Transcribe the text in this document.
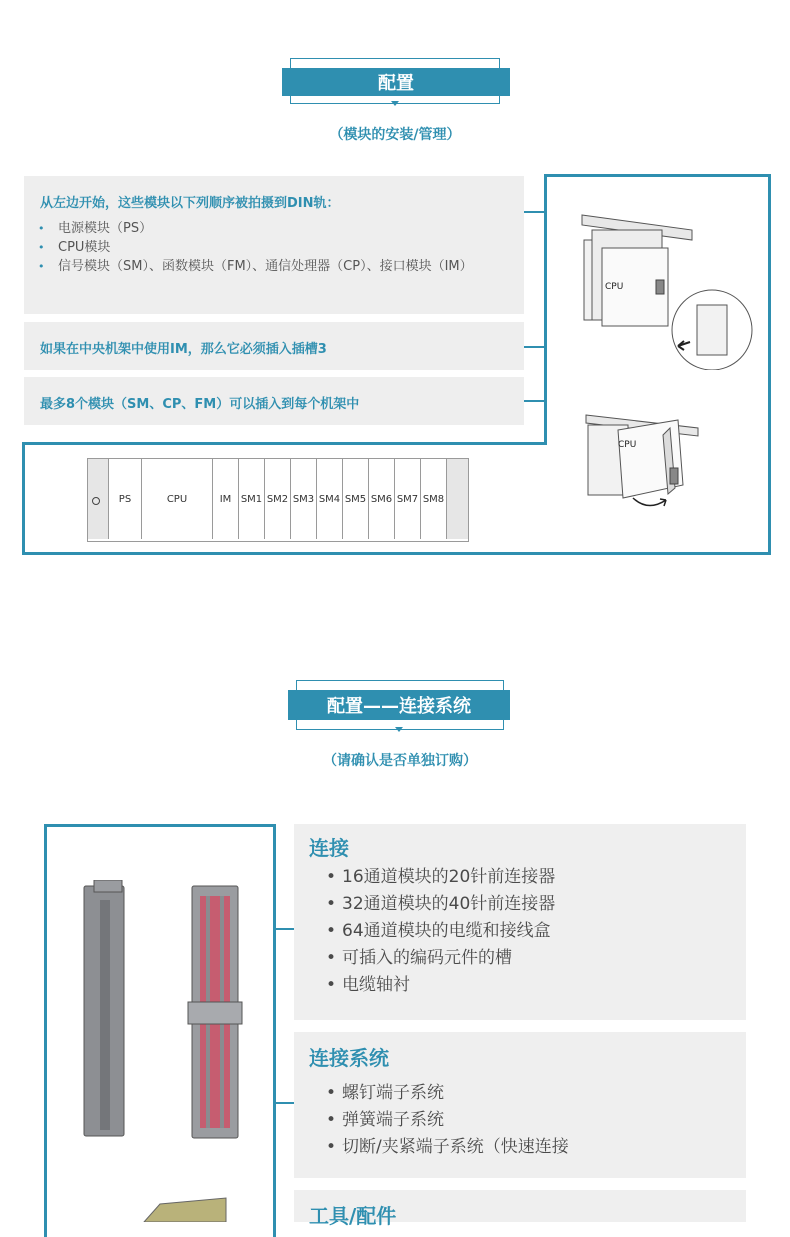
配置
（模块的安装/管理）
从左边开始，这些模块以下列顺序被拍摄到DIN轨：
• 电源模块（PS）
• CPU模块
• 信号模块（SM）、函数模块（FM）、通信处理器（CP）、接口模块（IM）
如果在中央机架中使用IM，那么它必须插入插槽3
最多8个模块（SM、CP、FM）可以插入到每个机架中
PS	CPU	IM SM1 SM2 SM3 SM4 SM5 SM6 SM7 SM8
CPU
CPU
配置——连接系统
（请确认是否单独订购）
连接
• 16通道模块的20针前连接器
• 32通道模块的40针前连接器
• 64通道模块的电缆和接线盒
• 可插入的编码元件的槽
• 电缆轴衬
连接系统
• 螺钉端子系统
• 弹簧端子系统
• 切断/夹紧端子系统（快速连接
工具/配件
